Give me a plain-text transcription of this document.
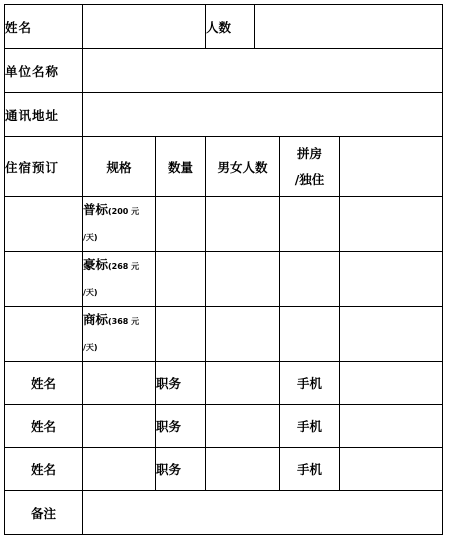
姓名			人数			
单位名称						
通讯地址						
住宿预订	规格	数量	男女人数		拼房
/独住	

	普标(200 元
/天)					

	豪标(268 元
/天)					

	商标(368 元
/天)					

姓名		职务			手机	
姓名		职务			手机	
姓名		职务			手机	
备注						
